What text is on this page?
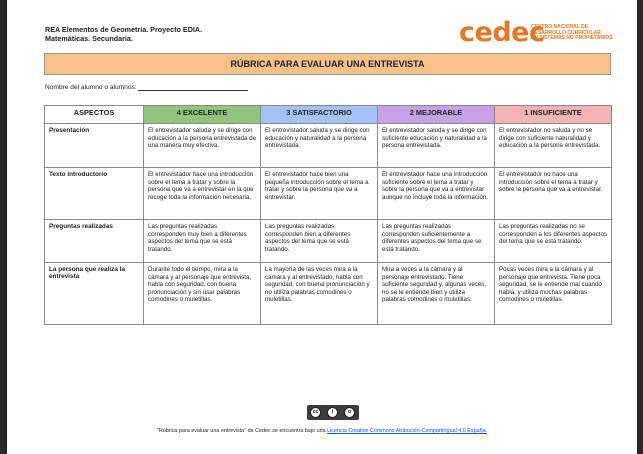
REA Elementos de Geometría. Proyecto EDIA.
Matemáticas. Secundaria.	cedec
CENTRO NACIONAL DE
DESARROLLO CURRICULAR
EN SISTEMAS NO PROPIETARIOS
RÚBRICA PARA EVALUAR UNA ENTREVISTA
Nombre del alumno o alumnos:
ASPECTOS	4 EXCELENTE	3 SATISFACTORIO	2 MEJORABLE	1 INSUFICIENTE
Presentación	El entrevistador saluda y se dirige con educación a la persona entrevistada de una manera muy efectiva.	El entrevistador saluda y se dirige con educación y naturalidad a la persona entrevistada.	El entrevistador saluda y se dirige con suficiente educación y naturalidad a la persona entrevistada.	El entrevistador no saluda y no se dirige con suficiente naturalidad y educación a la persona entrevistada.
Texto introductorio	El entrevistador hace una introducción sobre el tema a tratar y sobre la persona que va a entrevistar en la que recoge toda la información necesaria.	El entrevistador hace bien una pequeña introducción sobre el tema a tratar y sobre la persona que va a entrevistar.	El entrevistador hace una introducción suficiente sobre el tema a tratar y sobre la persona que va a entrevistar aunque no incluye toda la información.	El entrevistador no hace una introducción sobre el tema a tratar y sobre la persona que va a entrevistar.
Preguntas realizadas	Las preguntas realizadas corresponden muy bien a diferentes aspectos del tema que se está tratando.	Las preguntas realizadas corresponden bien a diferentes aspectos del tema que se está tratando.	Las preguntas realizadas corresponden suficientemente a diferentes aspectos del tema que se está tratando.	Las preguntas realizadas no se corresponden a los diferentes aspectos del tema que se está tratando.
La persona que realiza la entrevista	Durante todo el tiempo, mira a la cámara y al personaje que entrevista, habla con seguridad, con buena pronunciación y sin usar palabras comodines o muletillas.	La mayoría de las veces mira a la cámara y al entrevistado, habla con seguridad, con buena pronunciación y no utiliza palabras comodines o muletillas.	Mira a veces a la cámara y al personaje entrevistado. Tiene suficiente seguridad y, algunas veces, no se le entiende bien y utiliza palabras comodines o muletillas.	Pocas veces mira a la cámara y al personaje que entrevista. Tiene poca seguridad, se le entiende mal cuando habla, y utiliza muchas palabras comodines o muletillas.
cc	i	o
"Rúbrica para evaluar una entrevista" de Cedec se encuentra bajo una Licencia Creative Commons Atribución-CompartirIgual 4.0 España.
